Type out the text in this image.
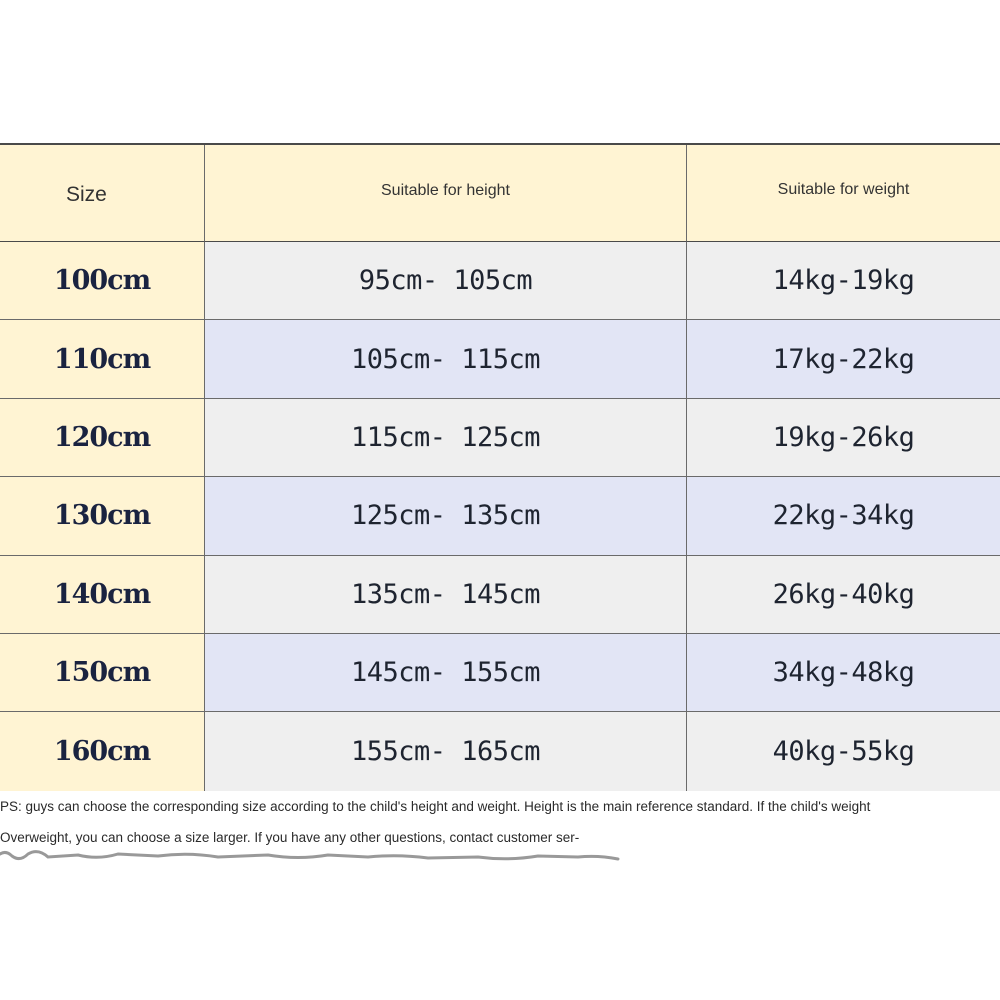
Size	Suitable for height	Suitable for weight
100cm	95cm- 105cm	14kg-19kg
110cm	105cm- 115cm	17kg-22kg
120cm	115cm- 125cm	19kg-26kg
130cm	125cm- 135cm	22kg-34kg
140cm	135cm- 145cm	26kg-40kg
150cm	145cm- 155cm	34kg-48kg
160cm	155cm- 165cm	40kg-55kg
PS: guys can choose the corresponding size according to the child's height and weight. Height is the main reference standard. If the child's weight
Overweight, you can choose a size larger. If you have any other questions, contact customer ser-
